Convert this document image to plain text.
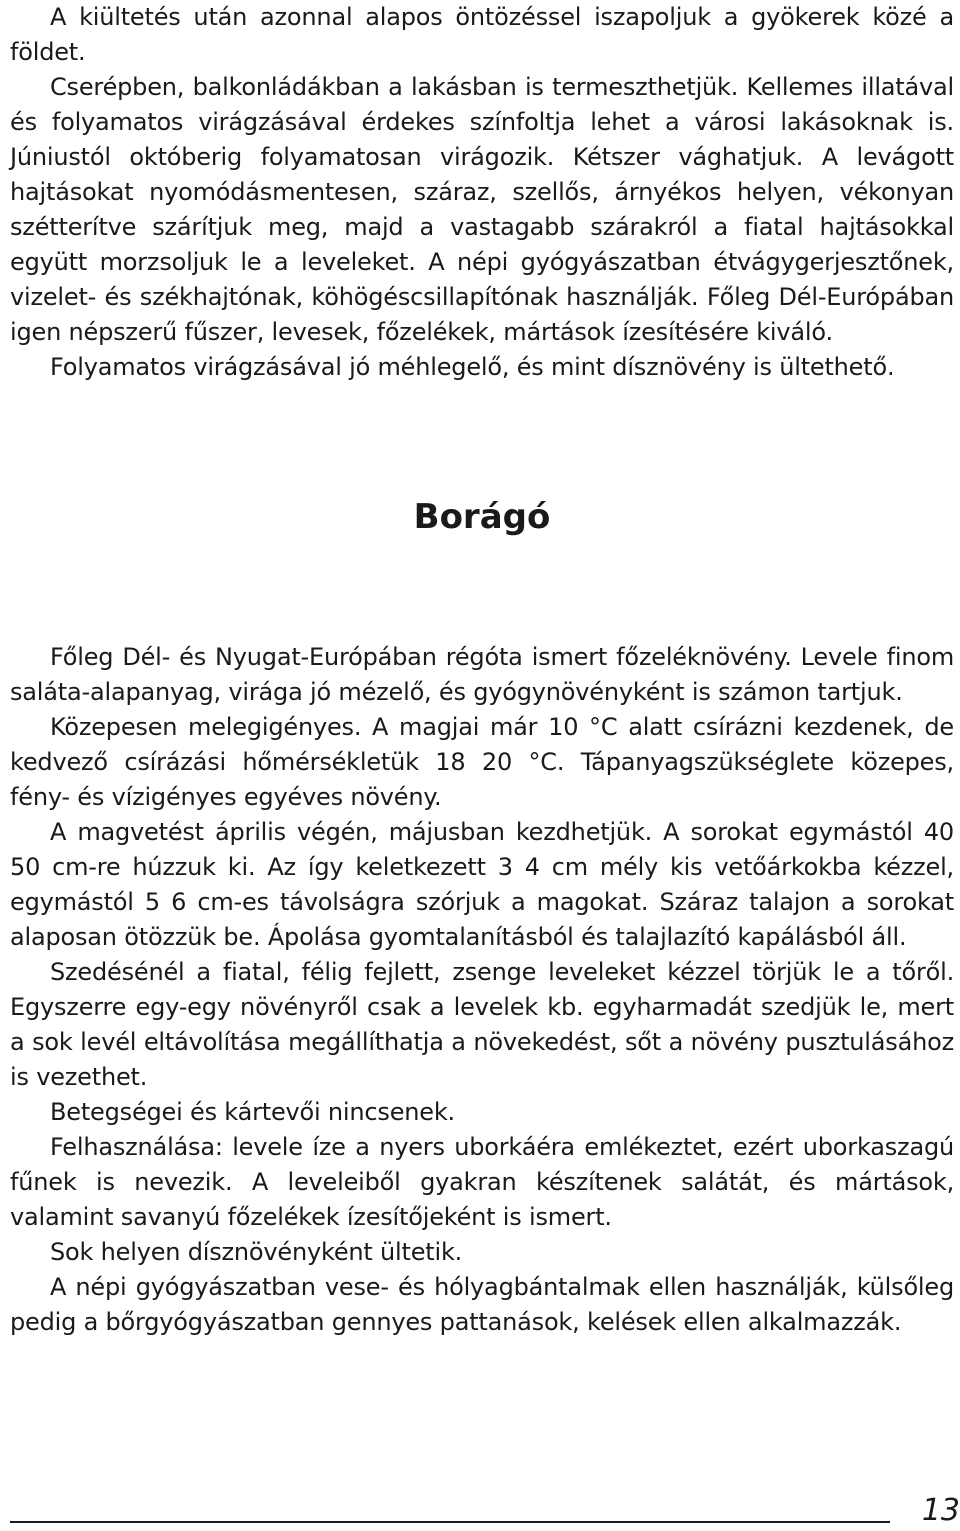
A kiültetés után azonnal alapos öntözéssel iszapoljuk a gyökerek közé a földet.

Cserépben, balkonládákban a lakásban is termeszthetjük. Kellemes illatával és folyamatos virágzásával érdekes színfoltja lehet a városi lakásoknak is. Júniustól októberig folyamatosan virágozik. Kétszer vághatjuk. A levágott hajtásokat nyomódásmentesen, száraz, szellős, árnyékos helyen, vékonyan szétterítve szárítjuk meg, majd a vastagabb szárakról a fiatal hajtásokkal együtt morzsoljuk le a leveleket. A népi gyógyászatban étvágygerjesztőnek, vizelet- és székhajtónak, köhögéscsillapítónak használják. Főleg Dél-Európában igen népszerű fűszer, levesek, főzelékek, mártások ízesítésére kiváló.

Folyamatos virágzásával jó méhlegelő, és mint dísznövény is ültethető.

Borágó

Főleg Dél- és Nyugat-Európában régóta ismert főzeléknövény. Levele finom saláta-alapanyag, virága jó mézelő, és gyógynövényként is számon tartjuk.

Közepesen melegigényes. A magjai már 10 °C alatt csírázni kezdenek, de kedvező csírázási hőmérsékletük 18 20 °C. Tápanyagszükséglete közepes, fény- és vízigényes egyéves növény.

A magvetést április végén, májusban kezdhetjük. A sorokat egymástól 40 50 cm-re húzzuk ki. Az így keletkezett 3 4 cm mély kis vetőárkokba kézzel, egymástól 5 6 cm-es távolságra szórjuk a magokat. Száraz talajon a sorokat alaposan ötözzük be. Ápolása gyomtalanításból és talajlazító kapálásból áll.

Szedésénél a fiatal, félig fejlett, zsenge leveleket kézzel törjük le a tőről. Egyszerre egy-egy növényről csak a levelek kb. egyharmadát szedjük le, mert a sok levél eltávolítása megállíthatja a növekedést, sőt a növény pusztulásához is vezethet.

Betegségei és kártevői nincsenek.

Felhasználása: levele íze a nyers uborkáéra emlékeztet, ezért uborkaszagú fűnek is nevezik. A leveleiből gyakran készítenek salátát, és mártások, valamint savanyú főzelékek ízesítőjeként is ismert.

Sok helyen dísznövényként ültetik.

A népi gyógyászatban vese- és hólyagbántalmak ellen használják, külsőleg pedig a bőrgyógyászatban gennyes pattanások, kelések ellen alkalmazzák.

13
